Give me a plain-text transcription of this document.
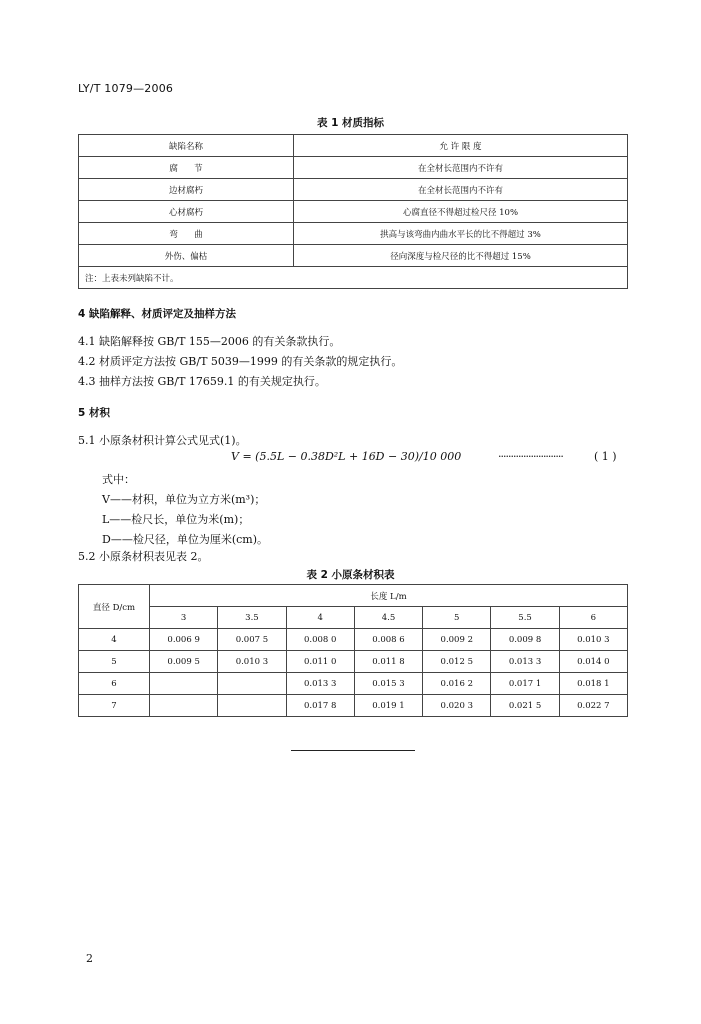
LY/T 1079—2006
表 1 材质指标
缺陷名称	允 许 限 度
腐      节	在全材长范围内不许有
边材腐朽	在全材长范围内不许有
心材腐朽	心腐直径不得超过检尺径 10%
弯      曲	拱高与该弯曲内曲水平长的比不得超过 3%
外伤、偏枯	径向深度与检尺径的比不得超过 15%
注：上表未列缺陷不计。	
4 缺陷解释、材质评定及抽样方法
4.1 缺陷解释按 GB/T 155—2006 的有关条款执行。
4.2 材质评定方法按 GB/T 5039—1999 的有关条款的规定执行。
4.3 抽样方法按 GB/T 17659.1 的有关规定执行。
5 材积
5.1 小原条材积计算公式见式(1)。
V = (5.5L − 0.38D²L + 16D − 30)/10 000	··························	( 1 )
式中：
V——材积，单位为立方米(m³)；
L——检尺长，单位为米(m)；
D——检尺径，单位为厘米(cm)。
5.2 小原条材积表见表 2。
表 2 小原条材积表
直径 D/cm	长度 L/m						
	3	3.5	4	4.5	5	5.5	6
4	0.006 9	0.007 5	0.008 0	0.008 6	0.009 2	0.009 8	0.010 3
5	0.009 5	0.010 3	0.011 0	0.011 8	0.012 5	0.013 3	0.014 0
6			0.013 3	0.015 3	0.016 2	0.017 1	0.018 1
7			0.017 8	0.019 1	0.020 3	0.021 5	0.022 7
2
